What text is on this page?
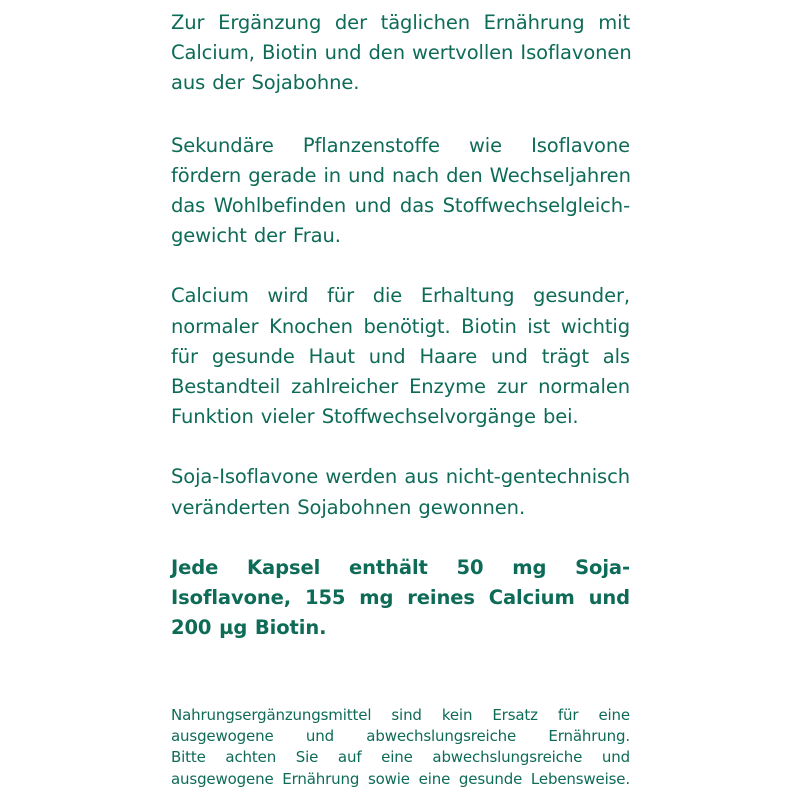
Zur Ergänzung der täglichen Ernährung mit
Calcium, Biotin und den wertvollen Isoflavonen
aus der Sojabohne.

Sekundäre Pflanzenstoffe wie Isoflavone
fördern gerade in und nach den Wechseljahren
das Wohlbefinden und das Stoffwechselgleich-
gewicht der Frau.

Calcium wird für die Erhaltung gesunder,
normaler Knochen benötigt. Biotin ist wichtig
für gesunde Haut und Haare und trägt als
Bestandteil zahlreicher Enzyme zur normalen
Funktion vieler Stoffwechselvorgänge bei.

Soja-Isoflavone werden aus nicht-gentechnisch
veränderten Sojabohnen gewonnen.

Jede Kapsel enthält 50 mg Soja-
Isoflavone, 155 mg reines Calcium und
200 µg Biotin.

Nahrungsergänzungsmittel sind kein Ersatz für eine
ausgewogene und abwechslungsreiche Ernährung.
Bitte achten Sie auf eine abwechslungsreiche und
ausgewogene Ernährung sowie eine gesunde Lebensweise.
